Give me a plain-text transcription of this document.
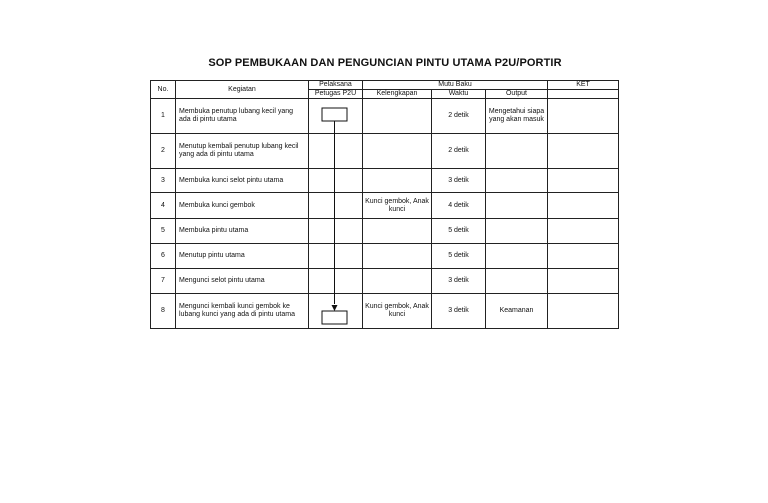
SOP PEMBUKAAN DAN PENGUNCIAN PINTU UTAMA P2U/PORTIR
No.	Kegiatan	Pelaksana	Mutu Baku			KET
		Petugas P2U	Kelengkapan	Waktu	Output	
1	Membuka penutup lubang kecil yang ada di pintu utama			2 detik	Mengetahui siapa yang akan masuk	
2	Menutup kembali penutup lubang kecil yang ada di pintu utama			2 detik		
3	Membuka kunci selot pintu utama			3 detik		
4	Membuka kunci gembok		Kunci gembok, Anak kunci	4 detik		
5	Membuka pintu utama			5 detik		
6	Menutup pintu utama			5 detik		
7	Mengunci selot pintu utama			3 detik		
8	Mengunci kembali kunci gembok ke lubang kunci yang ada di pintu utama		Kunci gembok, Anak kunci	3 detik	Keamanan	
